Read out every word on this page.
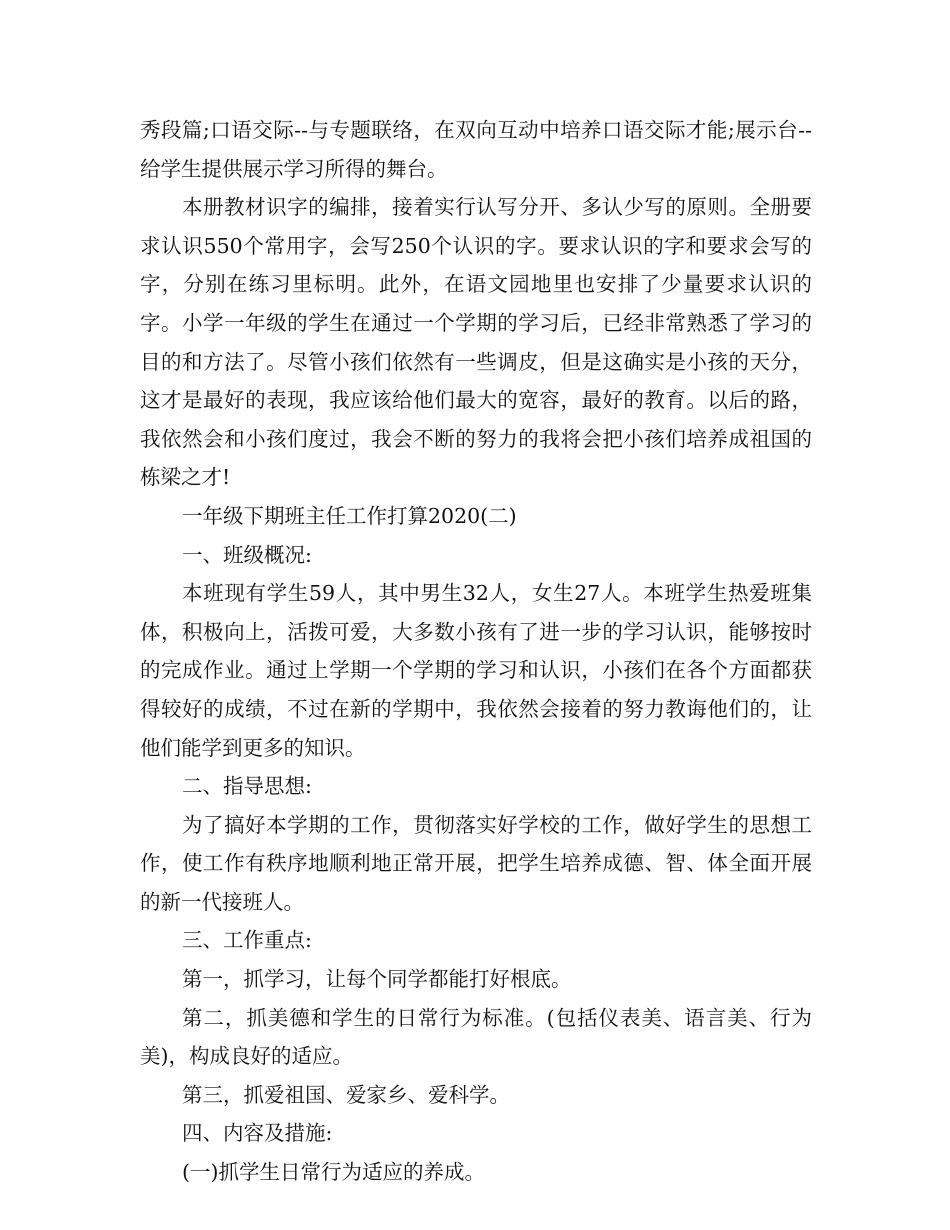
秀段篇;口语交际--与专题联络，在双向互动中培养口语交际才能;展示台--给学生提供展示学习所得的舞台。

本册教材识字的编排，接着实行认写分开、多认少写的原则。全册要求认识550个常用字，会写250个认识的字。要求认识的字和要求会写的字，分别在练习里标明。此外，在语文园地里也安排了少量要求认识的字。小学一年级的学生在通过一个学期的学习后，已经非常熟悉了学习的目的和方法了。尽管小孩们依然有一些调皮，但是这确实是小孩的天分，这才是最好的表现，我应该给他们最大的宽容，最好的教育。以后的路，我依然会和小孩们度过，我会不断的努力的我将会把小孩们培养成祖国的栋梁之才!

一年级下期班主任工作打算2020(二)

一、班级概况:

本班现有学生59人，其中男生32人，女生27人。本班学生热爱班集体，积极向上，活拨可爱，大多数小孩有了进一步的学习认识，能够按时的完成作业。通过上学期一个学期的学习和认识，小孩们在各个方面都获得较好的成绩，不过在新的学期中，我依然会接着的努力教诲他们的，让他们能学到更多的知识。

二、指导思想:

为了搞好本学期的工作，贯彻落实好学校的工作，做好学生的思想工作，使工作有秩序地顺利地正常开展，把学生培养成德、智、体全面开展的新一代接班人。

三、工作重点:

第一，抓学习，让每个同学都能打好根底。

第二，抓美德和学生的日常行为标准。(包括仪表美、语言美、行为美)，构成良好的适应。

第三，抓爱祖国、爱家乡、爱科学。

四、内容及措施:

(一)抓学生日常行为适应的养成。
